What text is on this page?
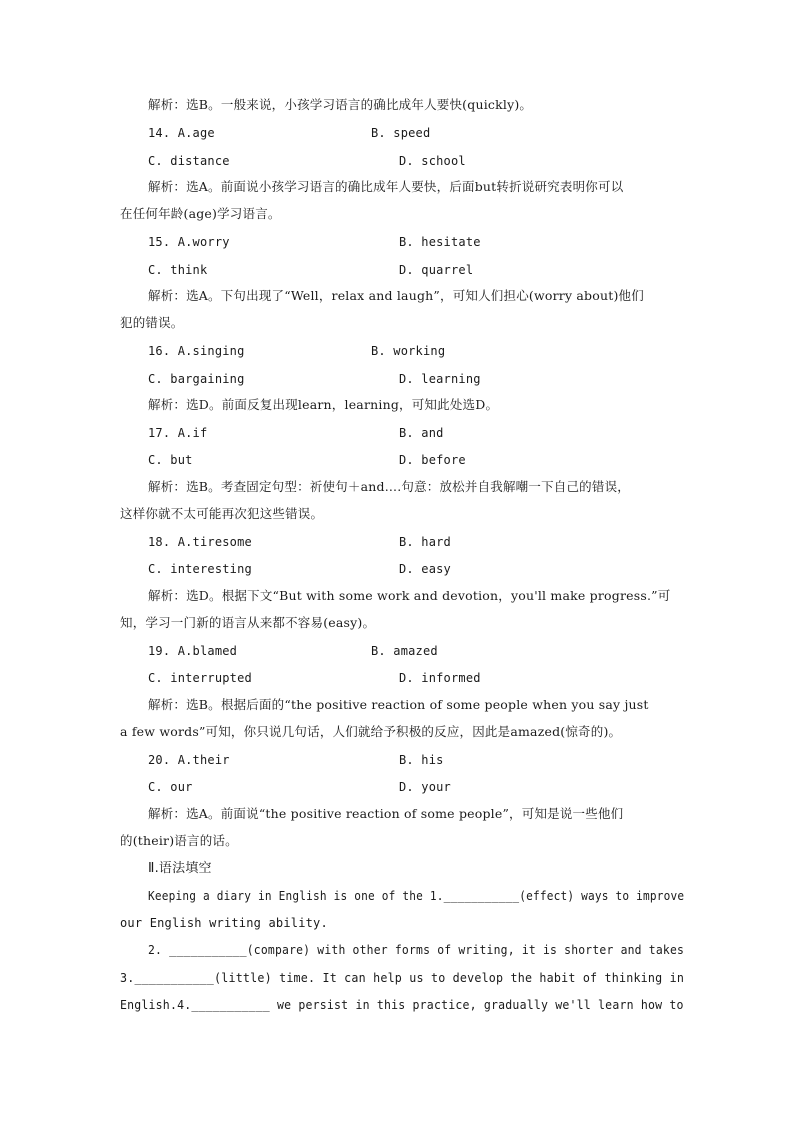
解析：选B。一般来说，小孩学习语言的确比成年人要快(quickly)。
14. A.age	B. speed
C. distance	D. school
解析：选A。前面说小孩学习语言的确比成年人要快，后面but转折说研究表明你可以
在任何年龄(age)学习语言。
15. A.worry	B. hesitate
C. think	D. quarrel
解析：选A。下句出现了“Well，relax and laugh”，可知人们担心(worry about)他们
犯的错误。
16. A.singing	B. working
C. bargaining	D. learning
解析：选D。前面反复出现learn，learning，可知此处选D。
17. A.if	B. and
C. but	D. before
解析：选B。考查固定句型：祈使句＋and....句意：放松并自我解嘲一下自己的错误，
这样你就不太可能再次犯这些错误。
18. A.tiresome	B. hard
C. interesting	D. easy
解析：选D。根据下文“But with some work and devotion，you'll make progress.”可
知，学习一门新的语言从来都不容易(easy)。
19. A.blamed	B. amazed
C. interrupted	D. informed
解析：选B。根据后面的“the positive reaction of some people when you say just
a few words”可知，你只说几句话，人们就给予积极的反应，因此是amazed(惊奇的)。
20. A.their	B. his
C. our	D. your
解析：选A。前面说“the positive reaction of some people”，可知是说一些他们
的(their)语言的话。
Ⅱ.语法填空
Keeping a diary in English is one of the 1.___________(effect) ways to improve
our English writing ability.
2. ___________(compare) with other forms of writing, it is shorter and takes
3.___________(little) time. It can help us to develop the habit of thinking in
English.4.___________ we persist in this practice, gradually we'll learn how to
